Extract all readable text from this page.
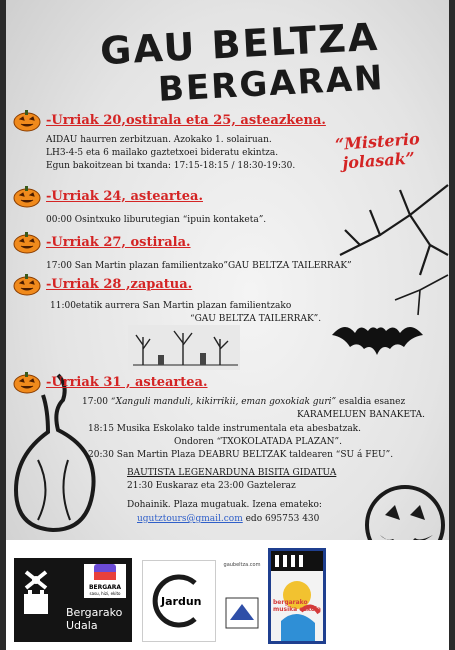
GAU BELTZA
BERGARAN
“Misterio
jolasak”
-Urriak 20,ostirala eta 25, asteazkena.
AIDAU haurren zerbitzuan. Azokako 1. solairuan.
LH3-4-5 eta 6 mailako gaztetxoei bideratu ekintza.
Egun bakoitzean bi txanda: 17:15-18:15 / 18:30-19:30.
-Urriak 24, asteartea.
00:00 Osintxuko liburutegian “ipuin kontaketa”.
-Urriak 27, ostirala.
17:00 San Martin plazan familientzako”GAU BELTZA TAILERRAK”
-Urriak 28 ,zapatua.
11:00etatik aurrera San Martin plazan familientzako
“GAU BELTZA TAILERRAK”.
-Urriak 31 , asteartea.
17:00 “Xanguli manduli, kikirrikii, eman goxokiak guri” esaldia esanez
KARAMELUEN BANAKETA.
18:15 Musika Eskolako talde instrumentala eta abesbatzak.
Ondoren “TXOKOLATADA PLAZAN”.
20:30 San Martin Plaza DEABRU BELTZAK taldearen “SU á FEU”.
BAUTISTA LEGENARDUNA BISITA GIDATUA
21:30 Euskaraz eta 23:00 Gazteleraz
Dohainik. Plaza mugatuak. Izena emateko:
ugutztours@gmail.com edo 695753 430
BERGARA
sasu, hizi, ekito
Bergarako
Udala
Jardun
gaubeltza.com
bergarako musika eskola
